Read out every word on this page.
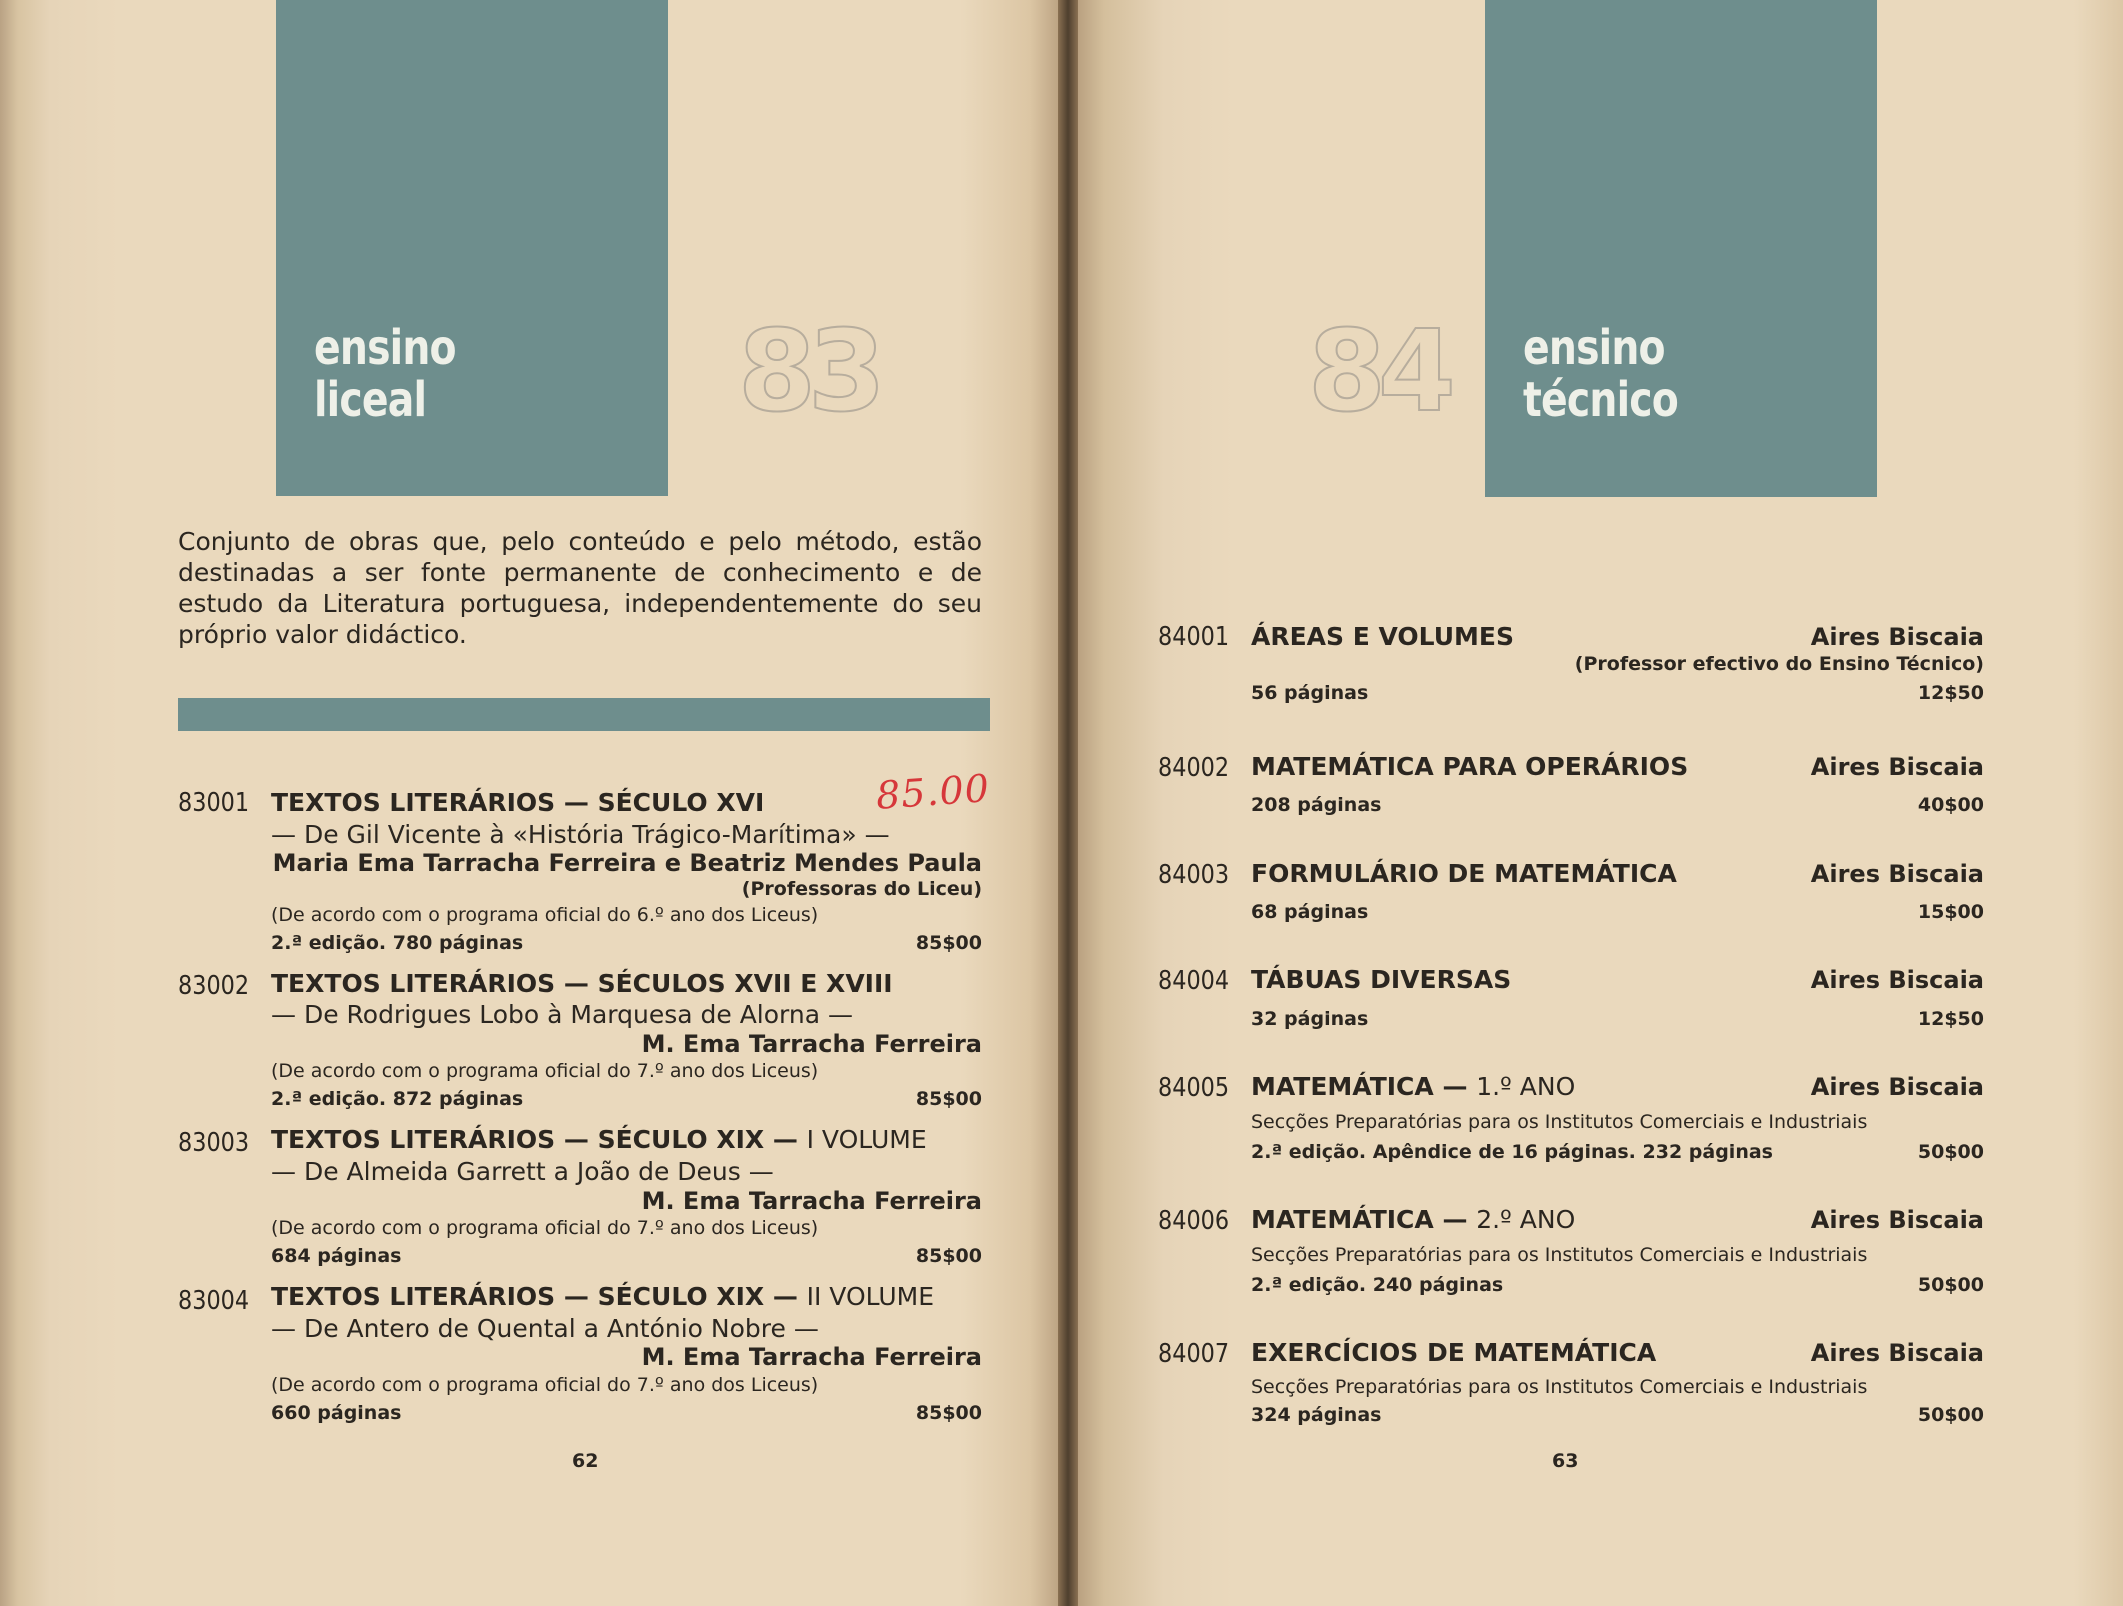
ensino
liceal	83
Conjunto de obras que, pelo conteúdo e pelo método, estão destinadas a ser fonte permanente de conhecimento e de estudo da Literatura portuguesa, independentemente do seu próprio valor didáctico.
85.00
83001 TEXTOS LITERÁRIOS — SÉCULO XVI
— De Gil Vicente à «História Trágico-Marítima» —
Maria Ema Tarracha Ferreira e Beatriz Mendes Paula
(Professoras do Liceu)
(De acordo com o programa oficial do 6.º ano dos Liceus)
2.ª edição. 780 páginas	85$00
83002 TEXTOS LITERÁRIOS — SÉCULOS XVII E XVIII
— De Rodrigues Lobo à Marquesa de Alorna —
M. Ema Tarracha Ferreira
(De acordo com o programa oficial do 7.º ano dos Liceus)
2.ª edição. 872 páginas	85$00
83003 TEXTOS LITERÁRIOS — SÉCULO XIX — I VOLUME
— De Almeida Garrett a João de Deus —
M. Ema Tarracha Ferreira
(De acordo com o programa oficial do 7.º ano dos Liceus)
684 páginas	85$00
83004 TEXTOS LITERÁRIOS — SÉCULO XIX — II VOLUME
— De Antero de Quental a António Nobre —
M. Ema Tarracha Ferreira
(De acordo com o programa oficial do 7.º ano dos Liceus)
660 páginas	85$00
62
84 ensino
técnico
84001 ÁREAS E VOLUMES	Aires Biscaia
(Professor efectivo do Ensino Técnico)
56 páginas	12$50
84002 MATEMÁTICA PARA OPERÁRIOS	Aires Biscaia
208 páginas	40$00
84003 FORMULÁRIO DE MATEMÁTICA	Aires Biscaia
68 páginas	15$00
84004 TÁBUAS DIVERSAS	Aires Biscaia
32 páginas	12$50
84005 MATEMÁTICA — 1.º ANO	Aires Biscaia
Secções Preparatórias para os Institutos Comerciais e Industriais
2.ª edição. Apêndice de 16 páginas. 232 páginas	50$00
84006 MATEMÁTICA — 2.º ANO	Aires Biscaia
Secções Preparatórias para os Institutos Comerciais e Industriais
2.ª edição. 240 páginas	50$00
84007 EXERCÍCIOS DE MATEMÁTICA	Aires Biscaia
Secções Preparatórias para os Institutos Comerciais e Industriais
324 páginas	50$00
63
